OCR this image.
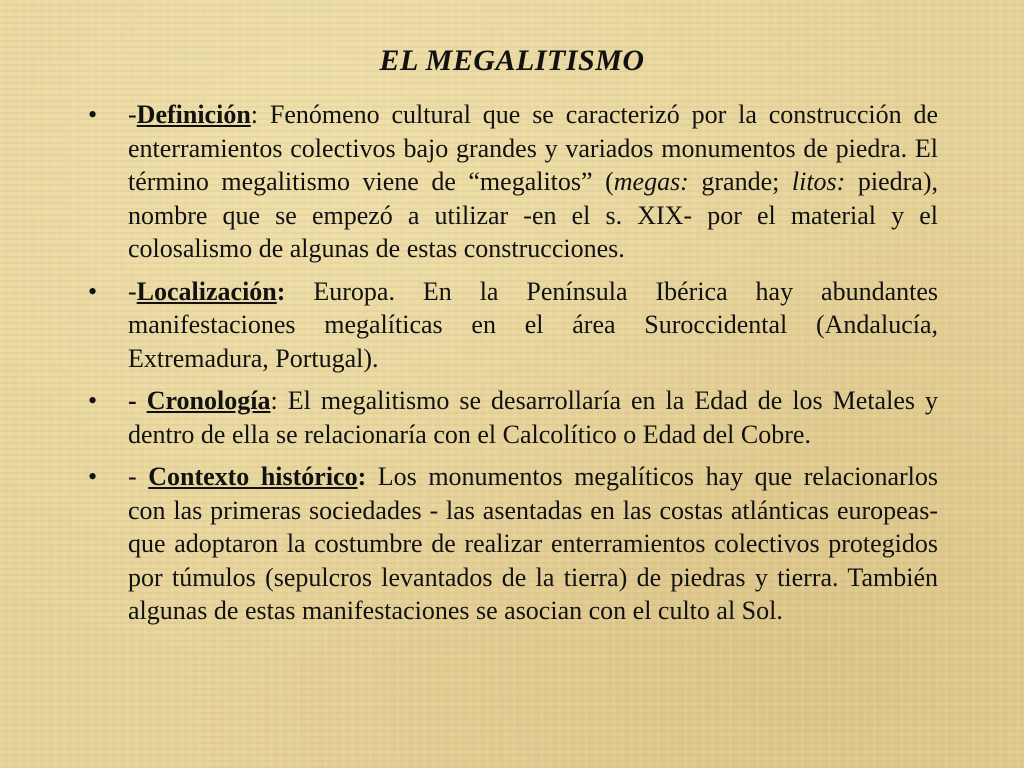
EL MEGALITISMO
• -Definición: Fenómeno cultural que se caracterizó por la construcción de enterramientos colectivos bajo grandes y variados monumentos de piedra. El término megalitismo viene de “megalitos” (megas: grande; litos: piedra), nombre que se empezó a utilizar -en el s. XIX- por el material y el colosalismo de algunas de estas construcciones.
• -Localización: Europa. En la Península Ibérica hay abundantes manifestaciones megalíticas en el área Suroccidental (Andalucía, Extremadura, Portugal).
• - Cronología: El megalitismo se desarrollaría en la Edad de los Metales y dentro de ella se relacionaría con el Calcolítico o Edad del Cobre.
• - Contexto histórico: Los monumentos megalíticos hay que relacionarlos con las primeras sociedades - las asentadas en las costas atlánticas europeas- que adoptaron la costumbre de realizar enterramientos colectivos protegidos por túmulos (sepulcros levantados de la tierra) de piedras y tierra. También algunas de estas manifestaciones se asocian con el culto al Sol.
